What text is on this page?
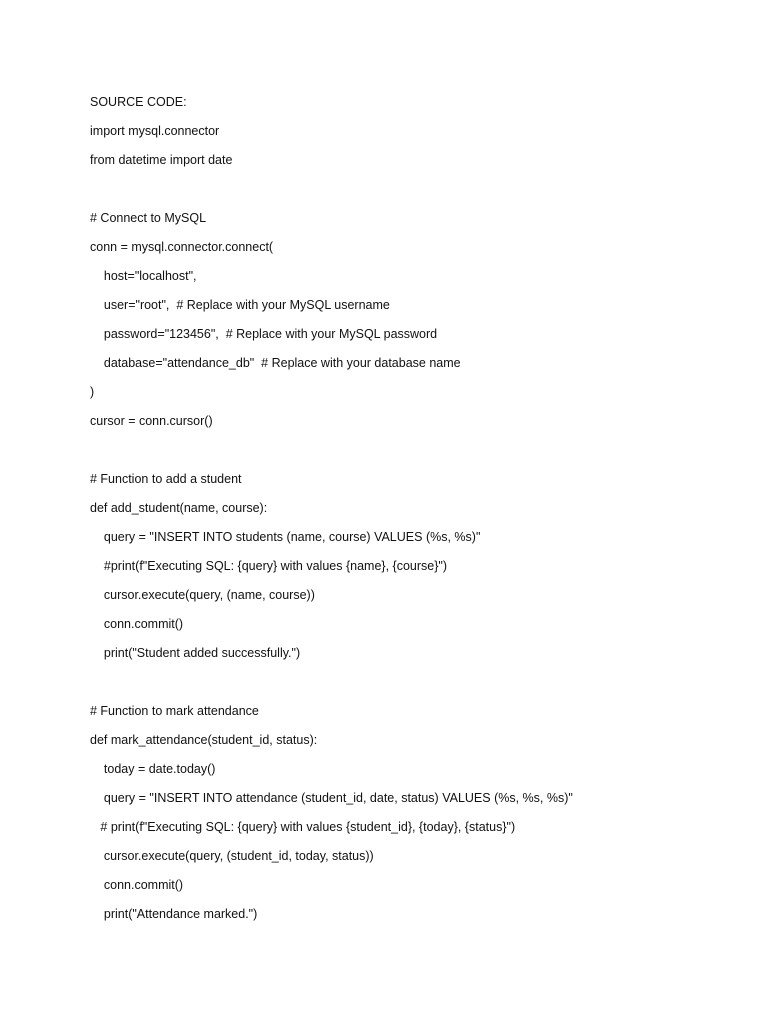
SOURCE CODE:

import mysql.connector

from datetime import date

# Connect to MySQL

conn = mysql.connector.connect(

host="localhost",

user="root",  # Replace with your MySQL username

password="123456",  # Replace with your MySQL password

database="attendance_db"  # Replace with your database name

)

cursor = conn.cursor()

# Function to add a student

def add_student(name, course):

query = "INSERT INTO students (name, course) VALUES (%s, %s)"

#print(f"Executing SQL: {query} with values {name}, {course}")

cursor.execute(query, (name, course))

conn.commit()

print("Student added successfully.")

# Function to mark attendance

def mark_attendance(student_id, status):

today = date.today()

query = "INSERT INTO attendance (student_id, date, status) VALUES (%s, %s, %s)"

# print(f"Executing SQL: {query} with values {student_id}, {today}, {status}")

cursor.execute(query, (student_id, today, status))

conn.commit()

print("Attendance marked.")
